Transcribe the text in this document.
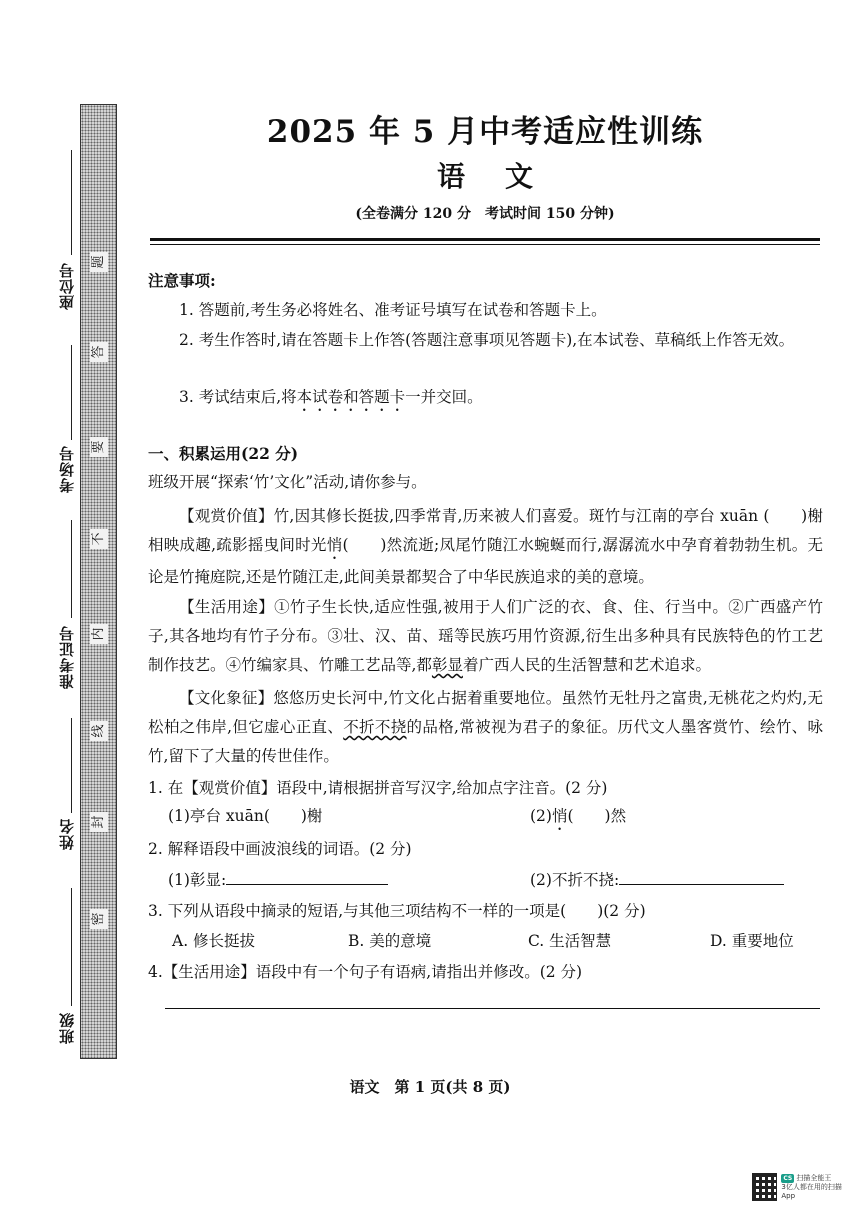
座位号
考场号
准考证号
姓名
班级
题
答
要
不
内
线
封
密
2025 年 5 月中考适应性训练
语文
(全卷满分 120 分　考试时间 150 分钟)
注意事项:
1. 答题前,考生务必将姓名、准考证号填写在试卷和答题卡上。
2. 考生作答时,请在答题卡上作答(答题注意事项见答题卡),在本试卷、草稿纸上作答无效。
3. 考试结束后,将本试卷和答题卡一并交回。
一、积累运用(22 分)
班级开展“探索‘竹’文化”活动,请你参与。
【观赏价值】竹,因其修长挺拔,四季常青,历来被人们喜爱。斑竹与江南的亭台 xuān (　　)榭相映成趣,疏影摇曳间时光悄(　　)然流逝;凤尾竹随江水蜿蜒而行,潺潺流水中孕育着勃勃生机。无论是竹掩庭院,还是竹随江走,此间美景都契合了中华民族追求的美的意境。
【生活用途】①竹子生长快,适应性强,被用于人们广泛的衣、食、住、行当中。②广西盛产竹子,其各地均有竹子分布。③壮、汉、苗、瑶等民族巧用竹资源,衍生出多种具有民族特色的竹工艺制作技艺。④竹编家具、竹雕工艺品等,都彰显着广西人民的生活智慧和艺术追求。
【文化象征】悠悠历史长河中,竹文化占据着重要地位。虽然竹无牡丹之富贵,无桃花之灼灼,无松柏之伟岸,但它虚心正直、不折不挠的品格,常被视为君子的象征。历代文人墨客赏竹、绘竹、咏竹,留下了大量的传世佳作。
1. 在【观赏价值】语段中,请根据拼音写汉字,给加点字注音。(2 分)
(1)亭台 xuān(　　)榭	(2)悄(　　)然
2. 解释语段中画波浪线的词语。(2 分)
(1)彰显:	(2)不折不挠:
3. 下列从语段中摘录的短语,与其他三项结构不一样的一项是(　　)(2 分)
A. 修长挺拔	B. 美的意境	C. 生活智慧	D. 重要地位
4.【生活用途】语段中有一个句子有语病,请指出并修改。(2 分)
语文　第 1 页(共 8 页)
CS 扫描全能王
3亿人都在用的扫描App
